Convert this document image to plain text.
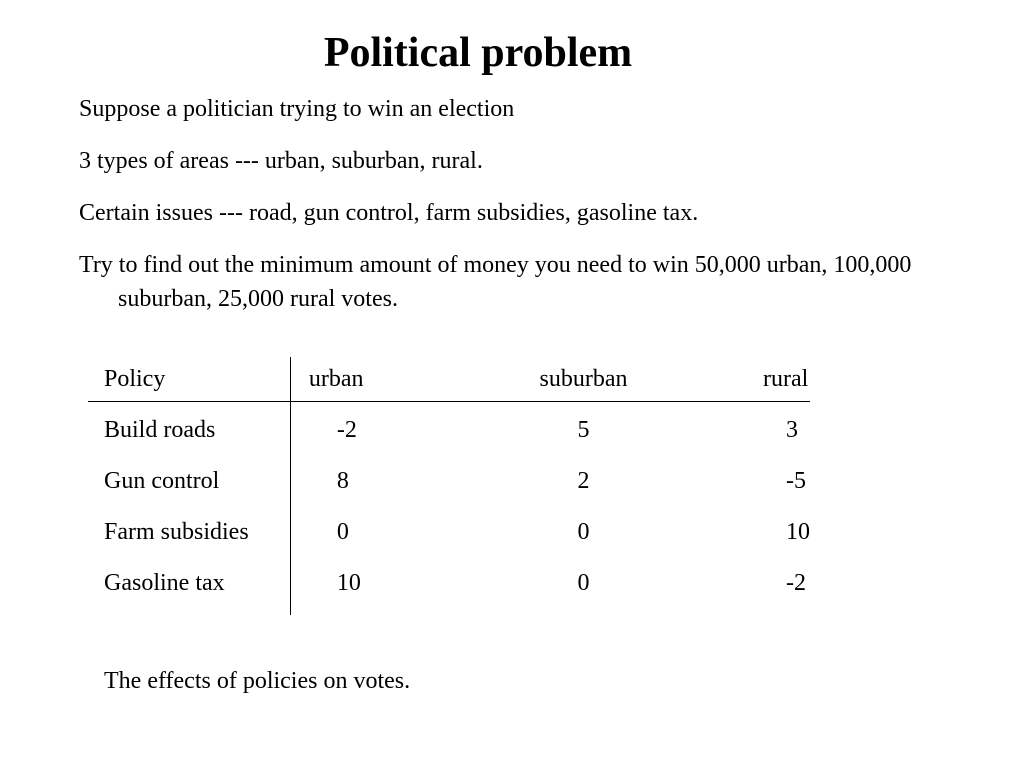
Political problem
Suppose a politician trying to win an election
3 types of areas --- urban, suburban, rural.
Certain issues --- road, gun control, farm subsidies, gasoline tax.
Try to find out the minimum amount of money you need to win 50,000 urban, 100,000 suburban, 25,000 rural votes.
Policy	urban	suburban	rural
Build roads	-2	5	3
Gun control	8	2	-5
Farm subsidies	0	0	10
Gasoline tax	10	0	-2

The effects of policies on votes.
